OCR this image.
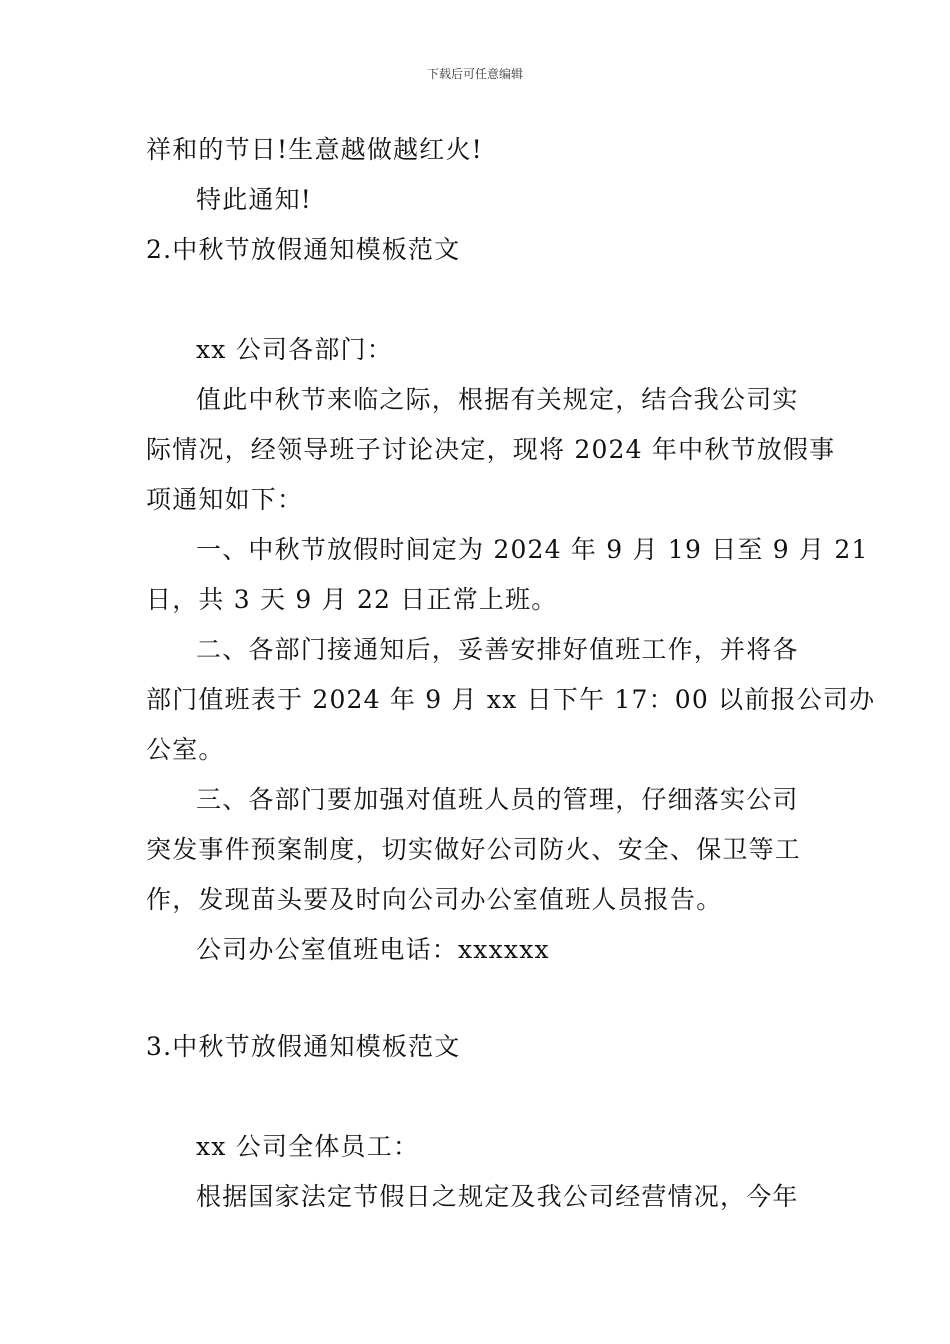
下载后可任意编辑
祥和的节日!生意越做越红火!
特此通知!
2.中秋节放假通知模板范文
xx 公司各部门：
值此中秋节来临之际，根据有关规定，结合我公司实
际情况，经领导班子讨论决定，现将 2024 年中秋节放假事
项通知如下：
一、中秋节放假时间定为 2024 年 9 月 19 日至 9 月 21
日，共 3 天 9 月 22 日正常上班。
二、各部门接通知后，妥善安排好值班工作，并将各
部门值班表于 2024 年 9 月 xx 日下午 17：00 以前报公司办
公室。
三、各部门要加强对值班人员的管理，仔细落实公司
突发事件预案制度，切实做好公司防火、安全、保卫等工
作，发现苗头要及时向公司办公室值班人员报告。
公司办公室值班电话：xxxxxx
3.中秋节放假通知模板范文
xx 公司全体员工：
根据国家法定节假日之规定及我公司经营情况，今年
